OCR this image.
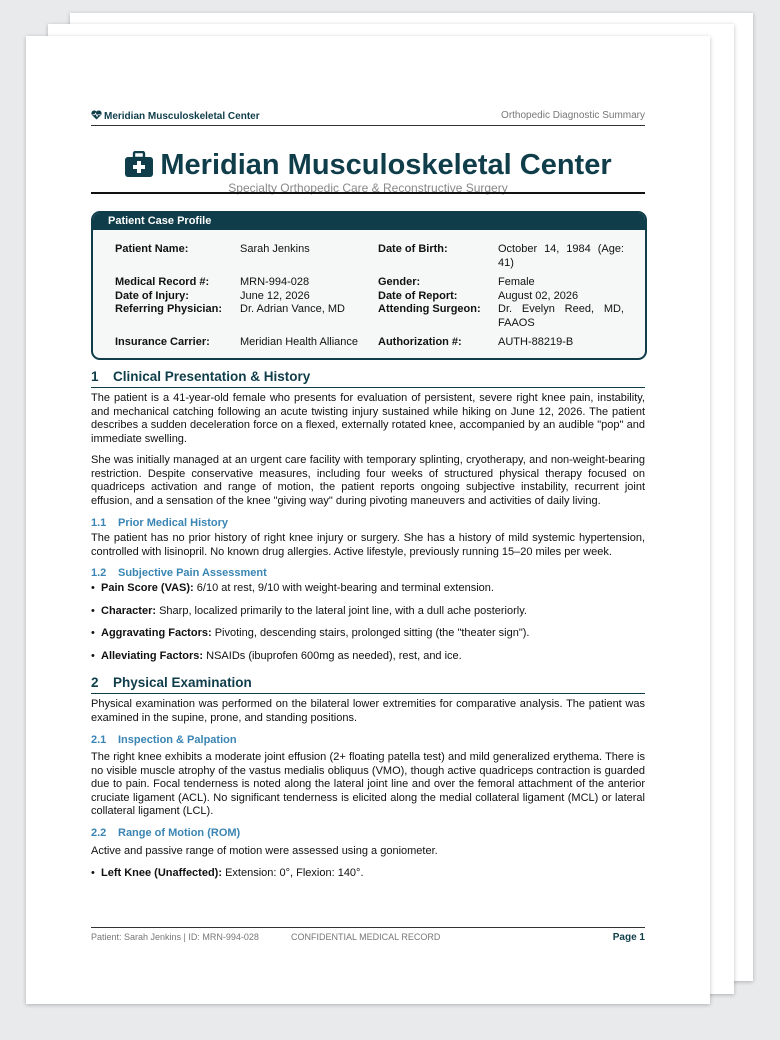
Meridian Musculoskeletal Center	Orthopedic Diagnostic Summary
Meridian Musculoskeletal Center
Specialty Orthopedic Care & Reconstructive Surgery
Patient Case Profile
Patient Name:	Sarah Jenkins	Date of Birth:	October 14, 1984 (Age: 41)
Medical Record #:	MRN-994-028	Gender:	Female
Date of Injury:	June 12, 2026	Date of Report:	August 02, 2026
Referring Physician:	Dr. Adrian Vance, MD	Attending Surgeon:	Dr. Evelyn Reed, MD, FAAOS
Insurance Carrier:	Meridian Health Alliance	Authorization #:	AUTH-88219-B
1 Clinical Presentation & History

The patient is a 41-year-old female who presents for evaluation of persistent, severe right knee pain, instability, and mechanical catching following an acute twisting injury sustained while hiking on June 12, 2026. The patient describes a sudden deceleration force on a flexed, externally rotated knee, accompanied by an audible "pop" and immediate swelling.

She was initially managed at an urgent care facility with temporary splinting, cryotherapy, and non-weight-bearing restriction. Despite conservative measures, including four weeks of structured physical therapy focused on quadriceps activation and range of motion, the patient reports ongoing subjective instability, recurrent joint effusion, and a sensation of the knee "giving way" during pivoting maneuvers and activities of daily living.

1.1 Prior Medical History

The patient has no prior history of right knee injury or surgery. She has a history of mild systemic hypertension, controlled with lisinopril. No known drug allergies. Active lifestyle, previously running 15–20 miles per week.

1.2 Subjective Pain Assessment
• Pain Score (VAS): 6/10 at rest, 9/10 with weight-bearing and terminal extension.
• Character: Sharp, localized primarily to the lateral joint line, with a dull ache posteriorly.
• Aggravating Factors: Pivoting, descending stairs, prolonged sitting (the "theater sign").
• Alleviating Factors: NSAIDs (ibuprofen 600mg as needed), rest, and ice.
2 Physical Examination

Physical examination was performed on the bilateral lower extremities for comparative analysis. The patient was examined in the supine, prone, and standing positions.

2.1 Inspection & Palpation

The right knee exhibits a moderate joint effusion (2+ floating patella test) and mild generalized erythema. There is no visible muscle atrophy of the vastus medialis obliquus (VMO), though active quadriceps contraction is guarded due to pain. Focal tenderness is noted along the lateral joint line and over the femoral attachment of the anterior cruciate ligament (ACL). No significant tenderness is elicited along the medial collateral ligament (MCL) or lateral collateral ligament (LCL).

2.2 Range of Motion (ROM)

Active and passive range of motion were assessed using a goniometer.

• Left Knee (Unaffected): Extension: 0°, Flexion: 140°.
Patient: Sarah Jenkins | ID: MRN-994-028	CONFIDENTIAL MEDICAL RECORD	Page 1
